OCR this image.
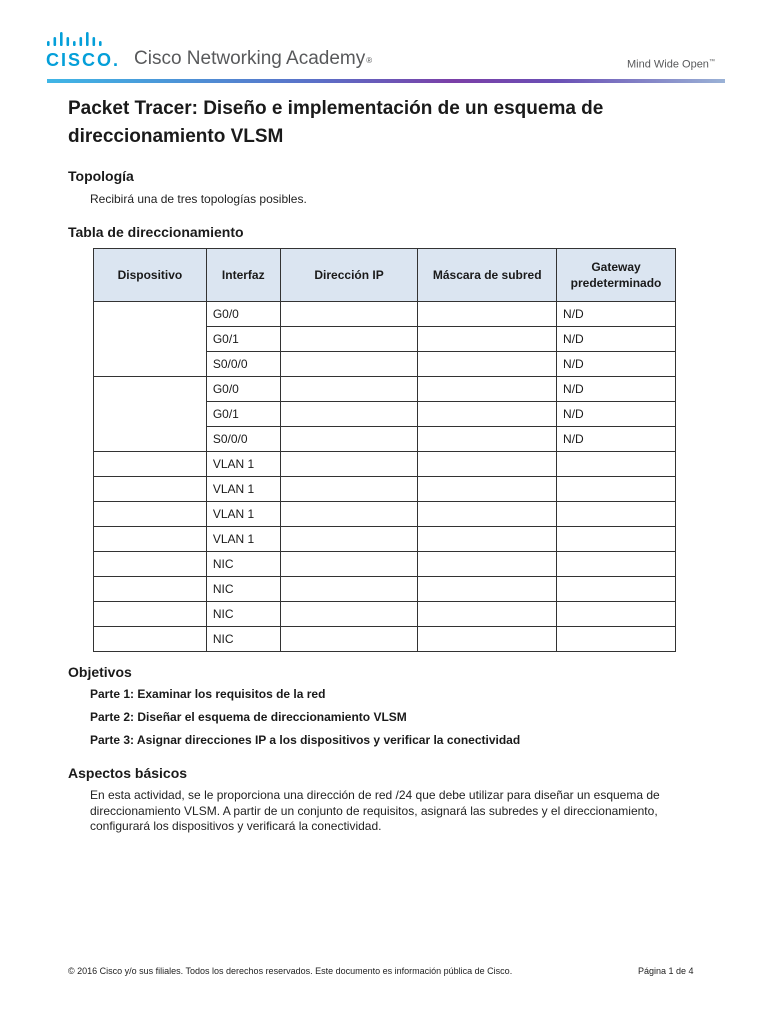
CISCO. Cisco Networking Academy®	Mind Wide Open™
Packet Tracer: Diseño e implementación de un esquema de direccionamiento VLSM
Topología
Recibirá una de tres topologías posibles.
Tabla de direccionamiento
Dispositivo	Interfaz	Dirección IP	Máscara de subred	Gateway predeterminado
	G0/0			N/D
	G0/1			N/D
	S0/0/0			N/D
	G0/0			N/D
	G0/1			N/D
	S0/0/0			N/D
	VLAN 1			
	VLAN 1			
	VLAN 1			
	VLAN 1			
	NIC			
	NIC			
	NIC			
	NIC			
Objetivos
Parte 1: Examinar los requisitos de la red
Parte 2: Diseñar el esquema de direccionamiento VLSM
Parte 3: Asignar direcciones IP a los dispositivos y verificar la conectividad
Aspectos básicos
En esta actividad, se le proporciona una dirección de red /24 que debe utilizar para diseñar un esquema de direccionamiento VLSM. A partir de un conjunto de requisitos, asignará las subredes y el direccionamiento, configurará los dispositivos y verificará la conectividad.
© 2016 Cisco y/o sus filiales. Todos los derechos reservados. Este documento es información pública de Cisco.	Página 1 de 4
